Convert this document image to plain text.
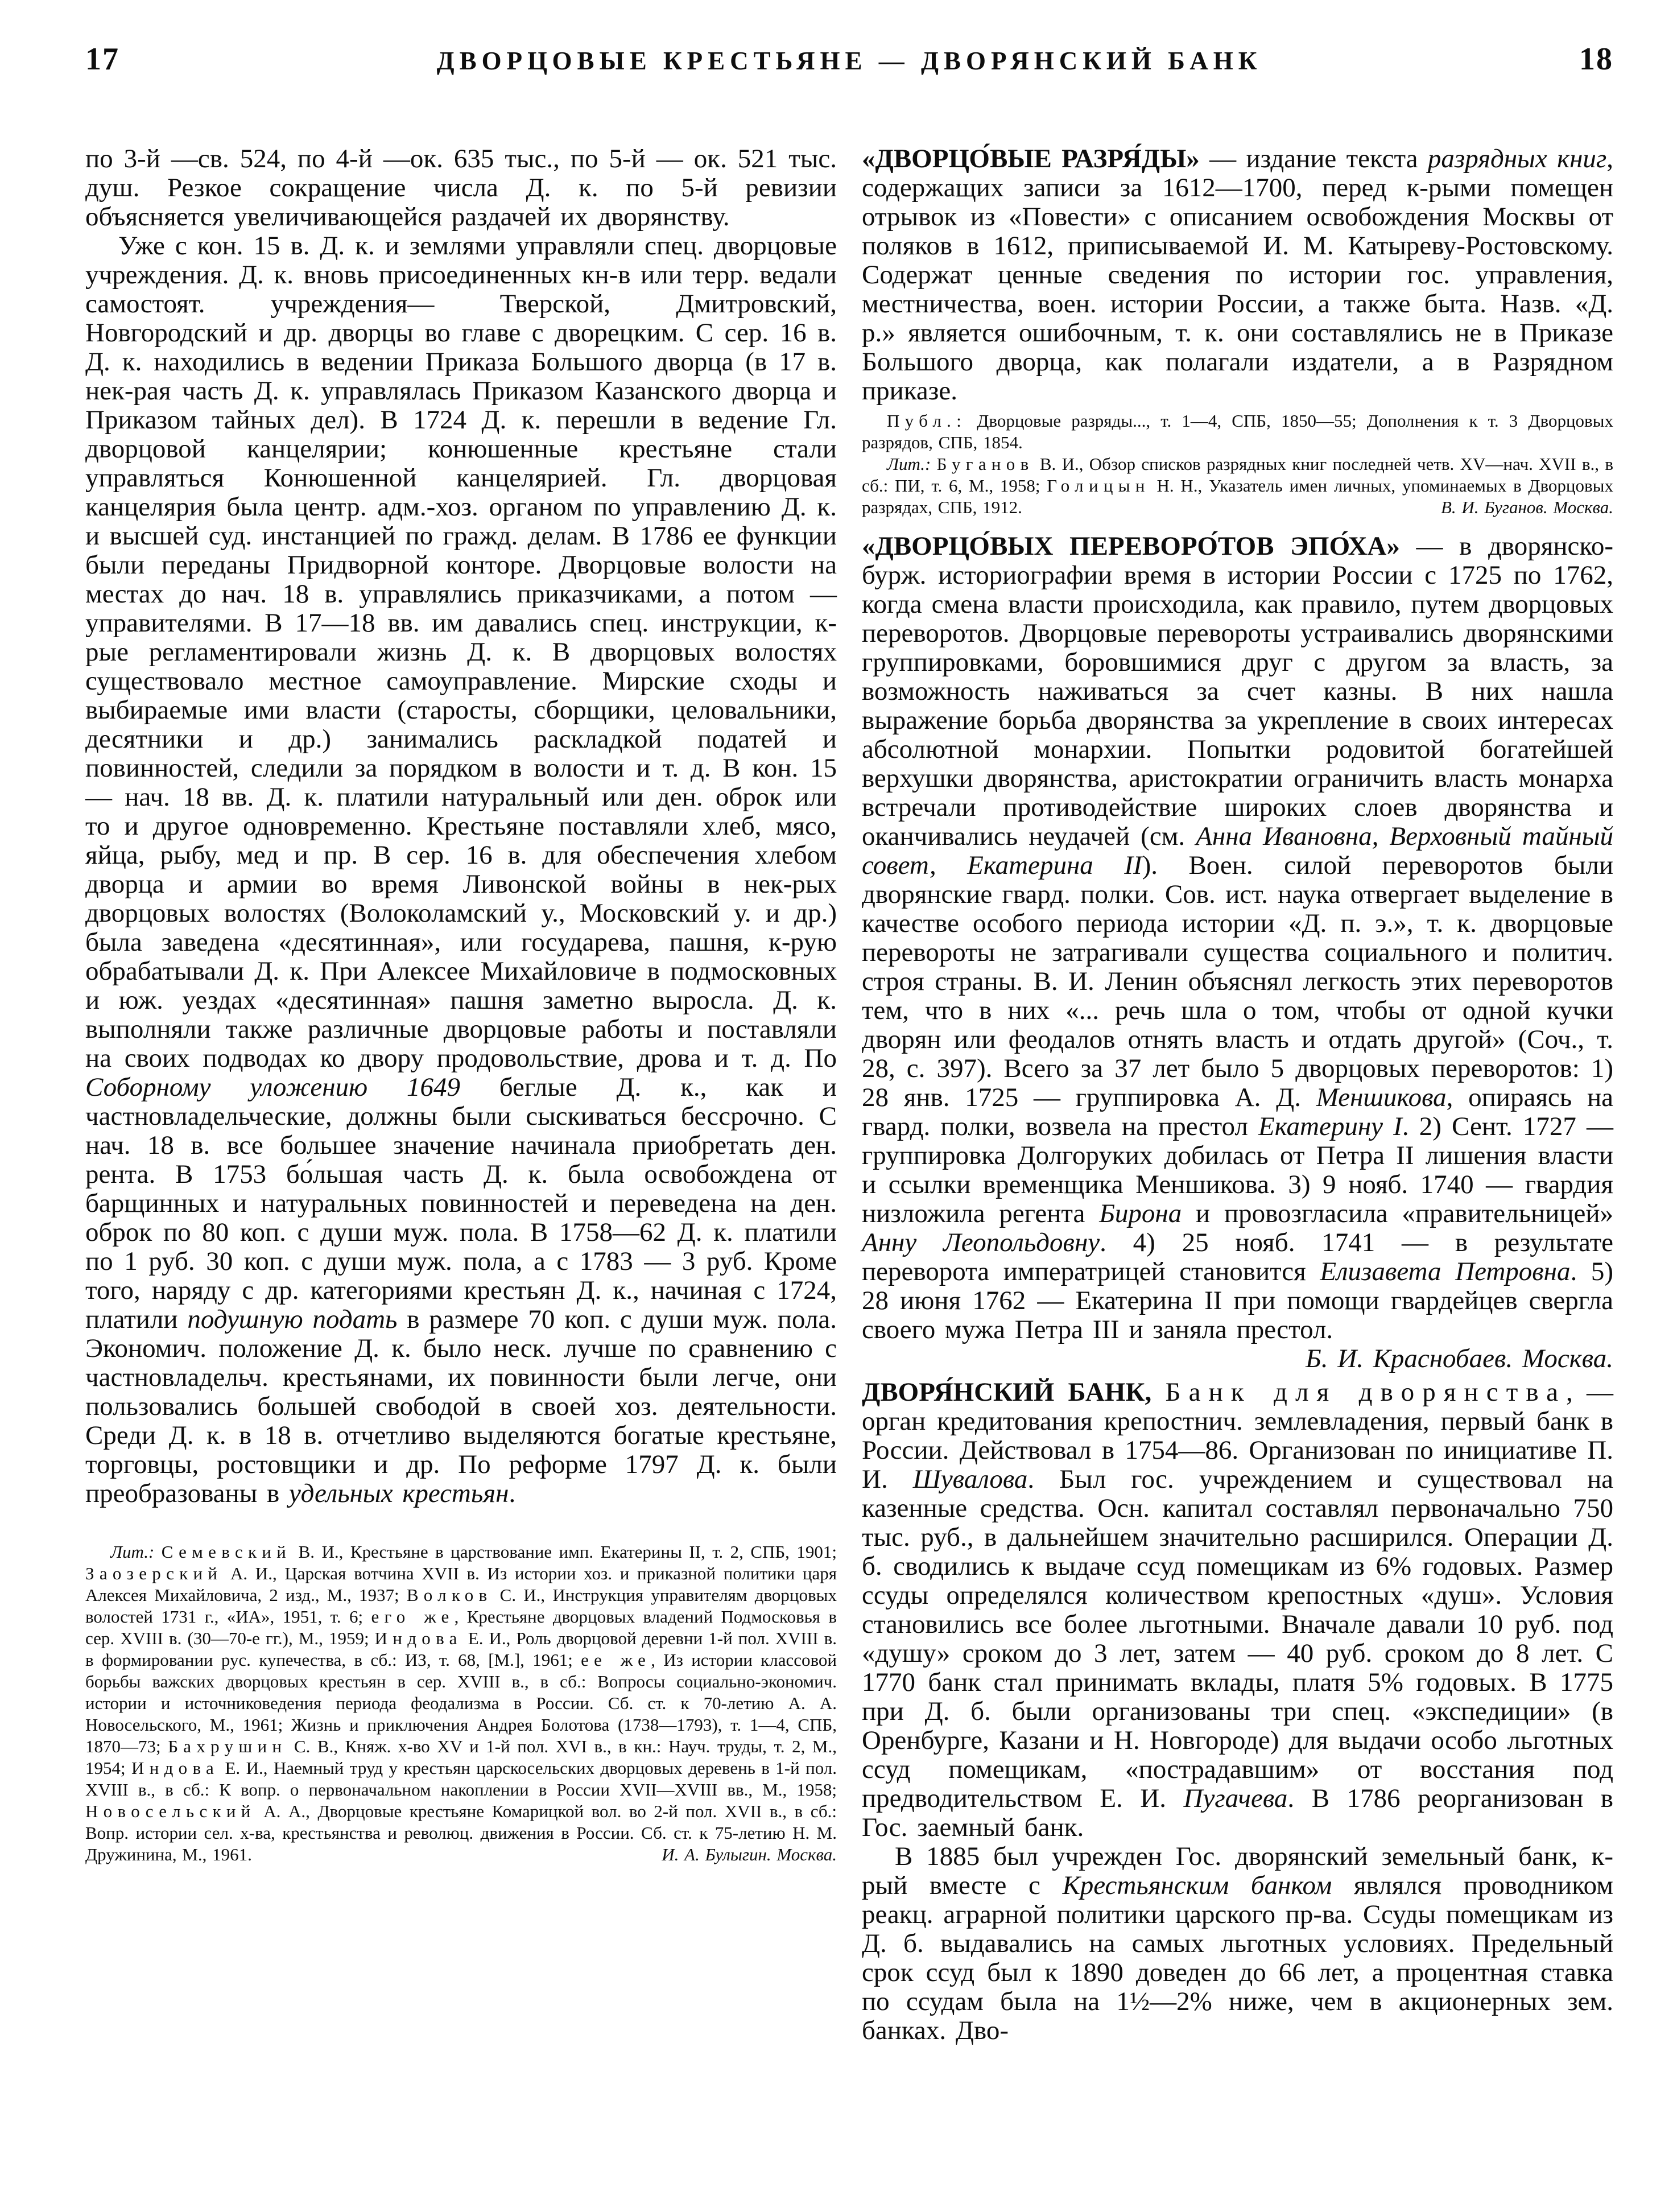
17	ДВОРЦОВЫЕ КРЕСТЬЯНЕ — ДВОРЯНСКИЙ БАНК	18

по 3-й —св. 524, по 4-й —ок. 635 тыс., по 5-й — ок. 521 тыс. душ. Резкое сокращение числа Д. к. по 5-й ревизии объясняется увеличивающейся раздачей их дворянству.

Уже с кон. 15 в. Д. к. и землями управляли спец. дворцовые учреждения. Д. к. вновь присоединенных кн-в или терр. ведали самостоят. учреждения— Тверской, Дмитровский, Новгородский и др. дворцы во главе с дворецким. С сер. 16 в. Д. к. находились в ведении Приказа Большого дворца (в 17 в. нек-рая часть Д. к. управлялась Приказом Казанского дворца и Приказом тайных дел). В 1724 Д. к. перешли в ведение Гл. дворцовой канцелярии; конюшенные крестьяне стали управляться Конюшенной канцелярией. Гл. дворцовая канцелярия была центр. адм.-хоз. органом по управлению Д. к. и высшей суд. инстанцией по гражд. делам. В 1786 ее функции были переданы Придворной конторе. Дворцовые волости на местах до нач. 18 в. управлялись приказчиками, а потом — управителями. В 17—18 вв. им давались спец. инструкции, к-рые регламентировали жизнь Д. к. В дворцовых волостях существовало местное самоуправление. Мирские сходы и выбираемые ими власти (старосты, сборщики, целовальники, десятники и др.) занимались раскладкой податей и повинностей, следили за порядком в волости и т. д. В кон. 15 — нач. 18 вв. Д. к. платили натуральный или ден. оброк или то и другое одновременно. Крестьяне поставляли хлеб, мясо, яйца, рыбу, мед и пр. В сер. 16 в. для обеспечения хлебом дворца и армии во время Ливонской войны в нек-рых дворцовых волостях (Волоколамский у., Московский у. и др.) была заведена «десятинная», или государева, пашня, к-рую обрабатывали Д. к. При Алексее Михайловиче в подмосковных и юж. уездах «десятинная» пашня заметно выросла. Д. к. выполняли также различные дворцовые работы и поставляли на своих подводах ко двору продовольствие, дрова и т. д. По Соборному уложению 1649 беглые Д. к., как и частновладельческие, должны были сыскиваться бессрочно. С нач. 18 в. все большее значение начинала приобретать ден. рента. В 1753 бо́льшая часть Д. к. была освобождена от барщинных и натуральных повинностей и переведена на ден. оброк по 80 коп. с души муж. пола. В 1758—62 Д. к. платили по 1 руб. 30 коп. с души муж. пола, а с 1783 — 3 руб. Кроме того, наряду с др. категориями крестьян Д. к., начиная с 1724, платили подушную подать в размере 70 коп. с души муж. пола. Экономич. положение Д. к. было неск. лучше по сравнению с частновладельч. крестьянами, их повинности были легче, они пользовались большей свободой в своей хоз. деятельности. Среди Д. к. в 18 в. отчетливо выделяются богатые крестьяне, торговцы, ростовщики и др. По реформе 1797 Д. к. были преобразованы в удельных крестьян.

Лит.: Семевский В. И., Крестьяне в царствование имп. Екатерины II, т. 2, СПБ, 1901; Заозерский А. И., Царская вотчина XVII в. Из истории хоз. и приказной политики царя Алексея Михайловича, 2 изд., М., 1937; Волков С. И., Инструкция управителям дворцовых волостей 1731 г., «ИА», 1951, т. 6; его же, Крестьяне дворцовых владений Подмосковья в сер. XVIII в. (30—70-е гг.), М., 1959; Индова Е. И., Роль дворцовой деревни 1-й пол. XVIII в. в формировании рус. купечества, в сб.: ИЗ, т. 68, [М.], 1961; ее же, Из истории классовой борьбы важских дворцовых крестьян в сер. XVIII в., в сб.: Вопросы социально-экономич. истории и источниковедения периода феодализма в России. Сб. ст. к 70-летию А. А. Новосельского, М., 1961; Жизнь и приключения Андрея Болотова (1738—1793), т. 1—4, СПБ, 1870—73; Бахрушин С. В., Княж. х-во XV и 1-й пол. XVI в., в кн.: Науч. труды, т. 2, М., 1954; Индова Е. И., Наемный труд у крестьян царскосельских дворцовых деревень в 1-й пол. XVIII в., в сб.: К вопр. о первоначальном накоплении в России XVII—XVIII вв., М., 1958; Новосельский А. А., Дворцовые крестьяне Комарицкой вол. во 2-й пол. XVII в., в сб.: Вопр. истории сел. х-ва, крестьянства и революц. движения в России. Сб. ст. к 75-летию Н. М. Дружинина, М., 1961.	И. А. Булыгин. Москва.

«ДВОРЦО́ВЫЕ РАЗРЯ́ДЫ» — издание текста разрядных книг, содержащих записи за 1612—1700, перед к-рыми помещен отрывок из «Повести» с описанием освобождения Москвы от поляков в 1612, приписываемой И. М. Катыреву-Ростовскому. Содержат ценные сведения по истории гос. управления, местничества, воен. истории России, а также быта. Назв. «Д. р.» является ошибочным, т. к. они составлялись не в Приказе Большого дворца, как полагали издатели, а в Разрядном приказе.

Публ.: Дворцовые разряды..., т. 1—4, СПБ, 1850—55; Дополнения к т. 3 Дворцовых разрядов, СПБ, 1854.

Лит.: Буганов В. И., Обзор списков разрядных книг последней четв. XV—нач. XVII в., в сб.: ПИ, т. 6, М., 1958; Голицын Н. Н., Указатель имен личных, упоминаемых в Дворцовых разрядах, СПБ, 1912.	В. И. Буганов. Москва.

«ДВОРЦО́ВЫХ ПЕРЕВОРО́ТОВ ЭПО́ХА» — в дворянско-бурж. историографии время в истории России с 1725 по 1762, когда смена власти происходила, как правило, путем дворцовых переворотов. Дворцовые перевороты устраивались дворянскими группировками, боровшимися друг с другом за власть, за возможность наживаться за счет казны. В них нашла выражение борьба дворянства за укрепление в своих интересах абсолютной монархии. Попытки родовитой богатейшей верхушки дворянства, аристократии ограничить власть монарха встречали противодействие широких слоев дворянства и оканчивались неудачей (см. Анна Ивановна, Верховный тайный совет, Екатерина II). Воен. силой переворотов были дворянские гвард. полки. Сов. ист. наука отвергает выделение в качестве особого периода истории «Д. п. э.», т. к. дворцовые перевороты не затрагивали существа социального и политич. строя страны. В. И. Ленин объяснял легкость этих переворотов тем, что в них «... речь шла о том, чтобы от одной кучки дворян или феодалов отнять власть и отдать другой» (Соч., т. 28, с. 397). Всего за 37 лет было 5 дворцовых переворотов: 1) 28 янв. 1725 — группировка А. Д. Меншикова, опираясь на гвард. полки, возвела на престол Екатерину I. 2) Сент. 1727 — группировка Долгоруких добилась от Петра II лишения власти и ссылки временщика Меншикова. 3) 9 нояб. 1740 — гвардия низложила регента Бирона и провозгласила «правительницей» Анну Леопольдовну. 4) 25 нояб. 1741 — в результате переворота императрицей становится Елизавета Петровна. 5) 28 июня 1762 — Екатерина II при помощи гвардейцев свергла своего мужа Петра III и заняла престол.
Б. И. Краснобаев. Москва.

ДВОРЯ́НСКИЙ БАНК, Банк для дворянства, — орган кредитования крепостнич. землевладения, первый банк в России. Действовал в 1754—86. Организован по инициативе П. И. Шувалова. Был гос. учреждением и существовал на казенные средства. Осн. капитал составлял первоначально 750 тыс. руб., в дальнейшем значительно расширился. Операции Д. б. сводились к выдаче ссуд помещикам из 6% годовых. Размер ссуды определялся количеством крепостных «душ». Условия становились все более льготными. Вначале давали 10 руб. под «душу» сроком до 3 лет, затем — 40 руб. сроком до 8 лет. С 1770 банк стал принимать вклады, платя 5% годовых. В 1775 при Д. б. были организованы три спец. «экспедиции» (в Оренбурге, Казани и Н. Новгороде) для выдачи особо льготных ссуд помещикам, «пострадавшим» от восстания под предводительством Е. И. Пугачева. В 1786 реорганизован в Гос. заемный банк.

В 1885 был учрежден Гос. дворянский земельный банк, к-рый вместе с Крестьянским банком являлся проводником реакц. аграрной политики царского пр-ва. Ссуды помещикам из Д. б. выдавались на самых льготных условиях. Предельный срок ссуд был к 1890 доведен до 66 лет, а процентная ставка по ссудам была на 1½—2% ниже, чем в акционерных зем. банках. Дво-
